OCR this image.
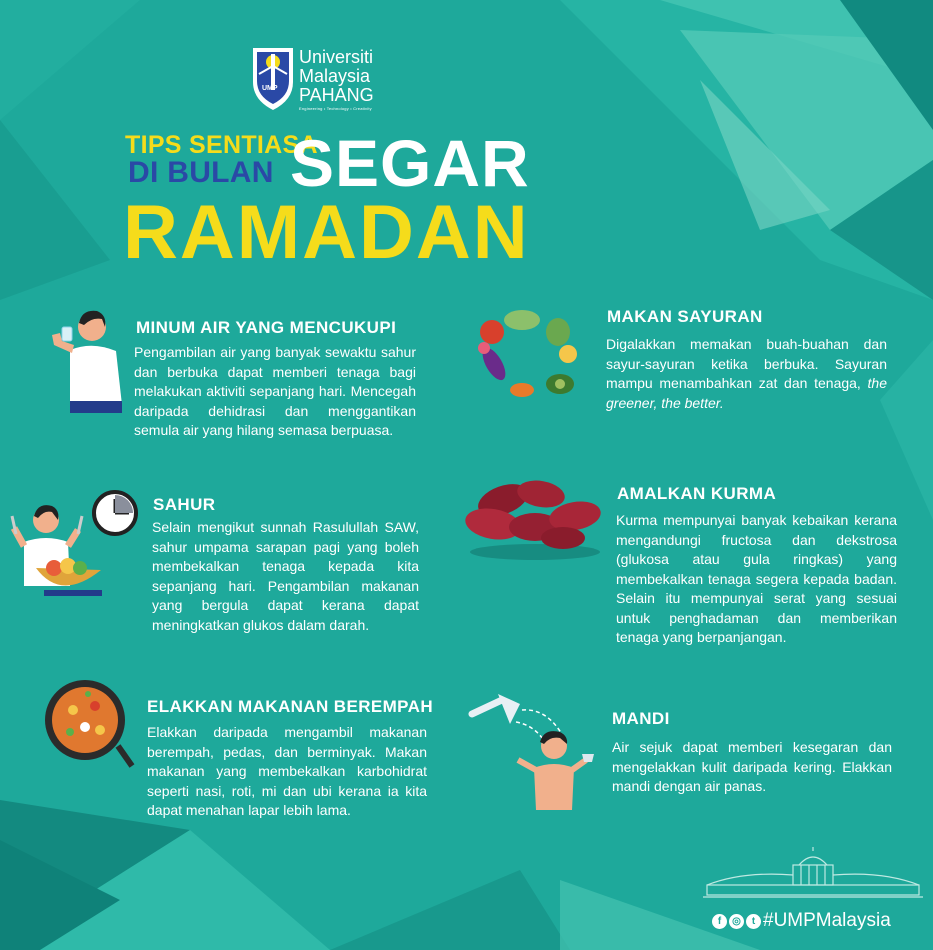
UMP
Universiti
Malaysia
PAHANG
Engineering • Technology • Creativity
TIPS SENTIASA
DI BULAN SEGAR
RAMADAN
MINUM AIR YANG MENCUKUPI
Pengambilan air yang banyak sewaktu sahur dan berbuka dapat memberi tenaga bagi melakukan aktiviti sepanjang hari. Mencegah daripada dehidrasi dan menggantikan semula air yang hilang semasa berpuasa.
SAHUR
Selain mengikut sunnah Rasulullah SAW, sahur umpama sarapan pagi yang boleh membekalkan tenaga kepada kita sepanjang hari. Pengambilan makanan yang bergula dapat kerana dapat meningkatkan glukos dalam darah.
ELAKKAN MAKANAN BEREMPAH
Elakkan daripada mengambil makanan berempah, pedas, dan berminyak. Makan makanan yang membekalkan karbohidrat seperti nasi, roti, mi dan ubi kerana ia kita dapat menahan lapar lebih lama.
MAKAN SAYURAN
Digalakkan memakan buah-buahan dan sayur-sayuran ketika berbuka. Sayuran mampu menambahkan zat dan tenaga, the greener, the better.
AMALKAN KURMA
Kurma mempunyai banyak kebaikan kerana mengandungi fructosa dan dekstrosa (glukosa atau gula ringkas) yang membekalkan tenaga segera kepada badan. Selain itu mempunyai serat yang sesuai untuk penghadaman dan memberikan tenaga yang berpanjangan.
MANDI
Air sejuk dapat memberi kesegaran dan mengelakkan kulit daripada kering. Elakkan mandi dengan air panas.
f ◎ t #UMPMalaysia
